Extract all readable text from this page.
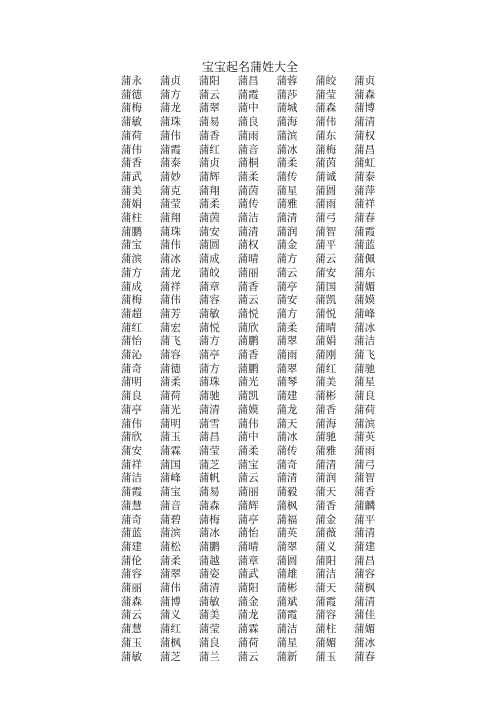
宝宝起名蒲姓大全
蒲永	蒲贞	蒲阳	蒲昌	蒲蓉	蒲皎	蒲贞
蒲德	蒲方	蒲云	蒲霞	蒲莎	蒲莹	蒲森
蒲梅	蒲龙	蒲翠	蒲中	蒲城	蒲森	蒲博
蒲敏	蒲珠	蒲易	蒲良	蒲海	蒲伟	蒲清
蒲荷	蒲伟	蒲香	蒲雨	蒲滨	蒲东	蒲权
蒲伟	蒲霞	蒲红	蒲音	蒲冰	蒲梅	蒲昌
蒲香	蒲泰	蒲贞	蒲桐	蒲柔	蒲茵	蒲虹
蒲武	蒲妙	蒲辉	蒲柔	蒲传	蒲诚	蒲泰
蒲美	蒲克	蒲翔	蒲茵	蒲星	蒲圆	蒲萍
蒲娟	蒲莹	蒲柔	蒲传	蒲雅	蒲雨	蒲祥
蒲柱	蒲翔	蒲茵	蒲洁	蒲清	蒲弓	蒲春
蒲鹏	蒲珠	蒲安	蒲清	蒲润	蒲智	蒲霞
蒲宝	蒲伟	蒲圆	蒲权	蒲金	蒲平	蒲蓝
蒲滨	蒲冰	蒲成	蒲晴	蒲方	蒲云	蒲佩
蒲方	蒲龙	蒲皎	蒲丽	蒲云	蒲安	蒲东
蒲成	蒲祥	蒲章	蒲香	蒲亭	蒲国	蒲媚
蒲梅	蒲伟	蒲容	蒲云	蒲安	蒲凯	蒲嫫
蒲超	蒲芳	蒲敏	蒲悦	蒲方	蒲悦	蒲峰
蒲红	蒲宏	蒲悦	蒲欣	蒲柔	蒲晴	蒲冰
蒲怡	蒲飞	蒲方	蒲鹏	蒲翠	蒲娟	蒲洁
蒲沁	蒲容	蒲亭	蒲香	蒲雨	蒲刚	蒲飞
蒲奇	蒲德	蒲方	蒲鹏	蒲翠	蒲红	蒲驰
蒲明	蒲柔	蒲珠	蒲光	蒲琴	蒲美	蒲星
蒲良	蒲荷	蒲驰	蒲凯	蒲建	蒲彬	蒲良
蒲亭	蒲光	蒲清	蒲嫫	蒲龙	蒲香	蒲荷
蒲伟	蒲明	蒲雪	蒲伟	蒲天	蒲海	蒲滨
蒲欣	蒲玉	蒲昌	蒲中	蒲冰	蒲驰	蒲英
蒲安	蒲霖	蒲莹	蒲柔	蒲传	蒲雅	蒲雨
蒲祥	蒲国	蒲芝	蒲宝	蒲奇	蒲清	蒲弓
蒲洁	蒲峰	蒲帆	蒲云	蒲清	蒲润	蒲智
蒲霞	蒲宝	蒲易	蒲丽	蒲毅	蒲天	蒲香
蒲慧	蒲音	蒲森	蒲辉	蒲枫	蒲香	蒲麟
蒲奇	蒲碧	蒲梅	蒲亭	蒲福	蒲金	蒲平
蒲蓝	蒲滨	蒲冰	蒲怡	蒲英	蒲薇	蒲清
蒲建	蒲松	蒲鹏	蒲晴	蒲翠	蒲义	蒲建
蒲伦	蒲柔	蒲越	蒲章	蒲圆	蒲阳	蒲昌
蒲容	蒲翠	蒲姿	蒲武	蒲雄	蒲洁	蒲容
蒲丽	蒲伟	蒲清	蒲阳	蒲彬	蒲天	蒲枫
蒲森	蒲博	蒲敏	蒲金	蒲斌	蒲霞	蒲清
蒲云	蒲义	蒲美	蒲龙	蒲霞	蒲容	蒲佳
蒲慧	蒲红	蒲莹	蒲霖	蒲洁	蒲柱	蒲媚
蒲玉	蒲枫	蒲良	蒲荷	蒲星	蒲媚	蒲冰
蒲敏	蒲芝	蒲兰	蒲云	蒲新	蒲玉	蒲春
